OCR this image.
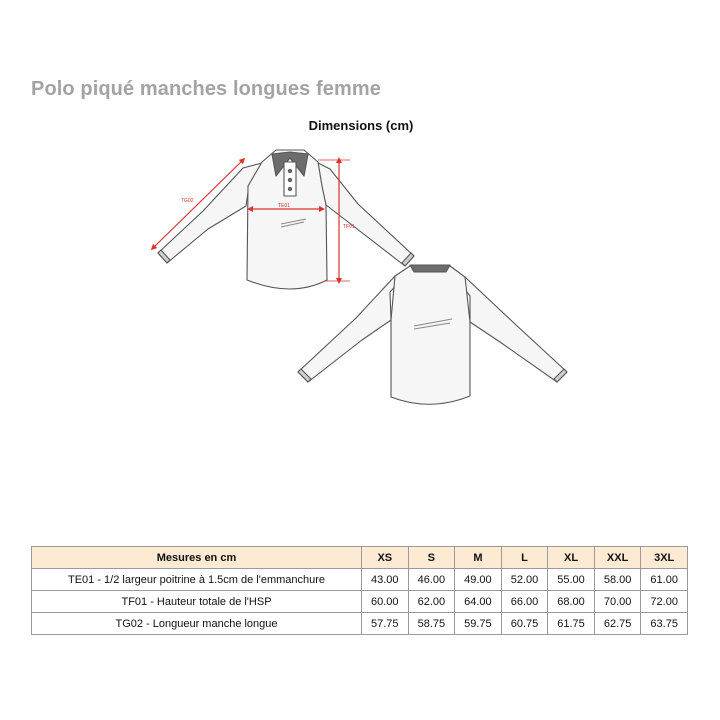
Polo piqué manches longues femme
Dimensions (cm)
TE01
TF01
TG02
Mesures en cm	XS	S	M	L	XL	XXL	3XL
TE01 - 1/2 largeur poitrine à 1.5cm de l'emmanchure	43.00	46.00	49.00	52.00	55.00	58.00	61.00
TF01 - Hauteur totale de l'HSP	60.00	62.00	64.00	66.00	68.00	70.00	72.00
TG02 - Longueur manche longue	57.75	58.75	59.75	60.75	61.75	62.75	63.75
